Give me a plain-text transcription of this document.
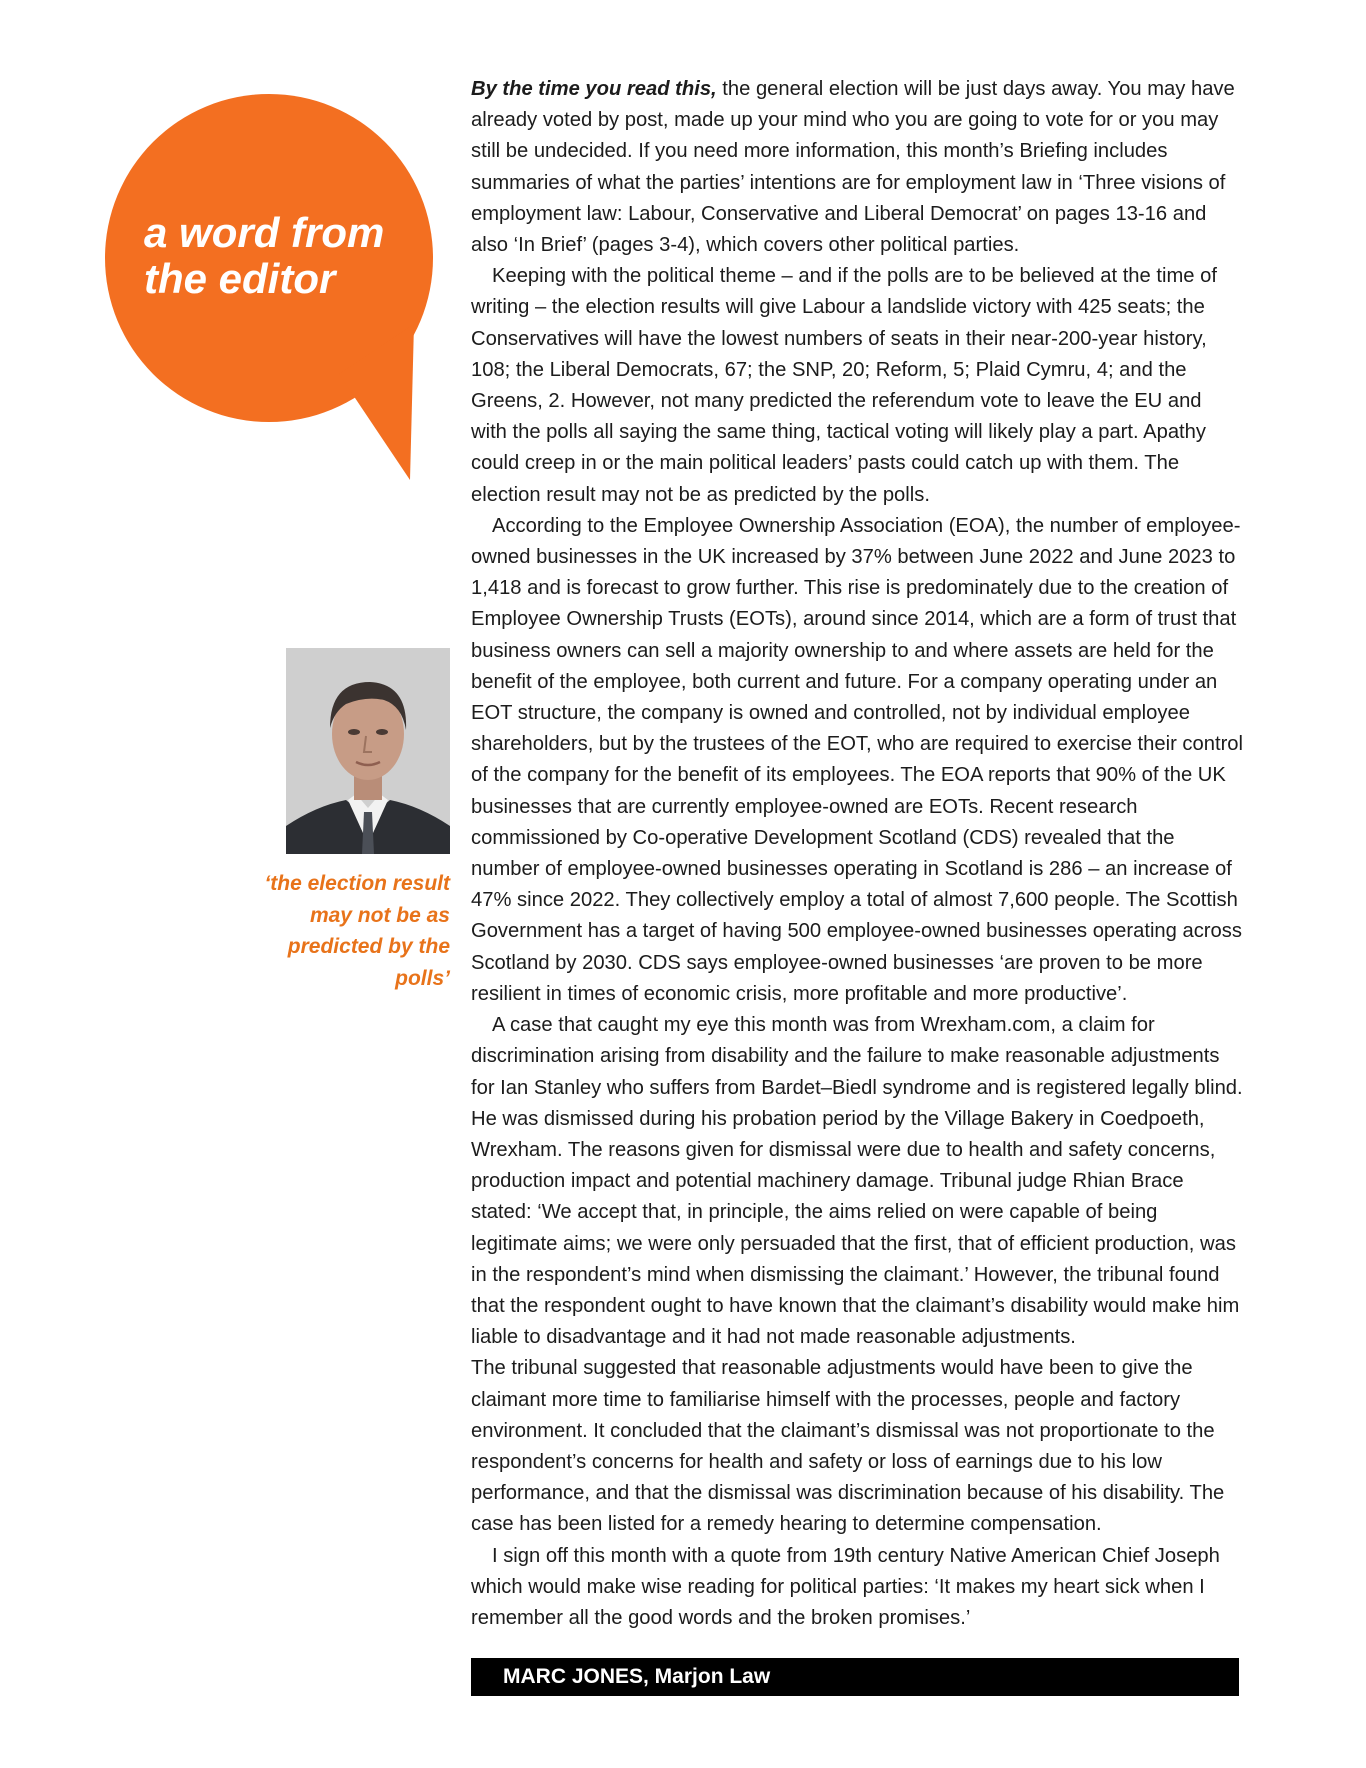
a word from
the editor
‘the election result may not be as predicted by the polls’

By the time you read this, the general election will be just days away. You may have already voted by post, made up your mind who you are going to vote for or you may still be undecided. If you need more information, this month’s Briefing includes summaries of what the parties’ intentions are for employment law in ‘Three visions of employment law: Labour, Conservative and Liberal Democrat’ on pages 13-16 and also ‘In Brief’ (pages 3-4), which covers other political parties.

Keeping with the political theme – and if the polls are to be believed at the time of writing – the election results will give Labour a landslide victory with 425 seats; the Conservatives will have the lowest numbers of seats in their near-200-year history, 108; the Liberal Democrats, 67; the SNP, 20; Reform, 5; Plaid Cymru, 4; and the Greens, 2. However, not many predicted the referendum vote to leave the EU and with the polls all saying the same thing, tactical voting will likely play a part. Apathy could creep in or the main political leaders’ pasts could catch up with them. The election result may not be as predicted by the polls.

According to the Employee Ownership Association (EOA), the number of employee-owned businesses in the UK increased by 37% between June 2022 and June 2023 to 1,418 and is forecast to grow further. This rise is predominately due to the creation of Employee Ownership Trusts (EOTs), around since 2014, which are a form of trust that business owners can sell a majority ownership to and where assets are held for the benefit of the employee, both current and future. For a company operating under an EOT structure, the company is owned and controlled, not by individual employee shareholders, but by the trustees of the EOT, who are required to exercise their control of the company for the benefit of its employees. The EOA reports that 90% of the UK businesses that are currently employee-owned are EOTs. Recent research commissioned by Co-operative Development Scotland (CDS) revealed that the number of employee-owned businesses operating in Scotland is 286 – an increase of 47% since 2022. They collectively employ a total of almost 7,600 people. The Scottish Government has a target of having 500 employee-owned businesses operating across Scotland by 2030. CDS says employee-owned businesses ‘are proven to be more resilient in times of economic crisis, more profitable and more productive’.

A case that caught my eye this month was from Wrexham.com, a claim for discrimination arising from disability and the failure to make reasonable adjustments for Ian Stanley who suffers from Bardet–Biedl syndrome and is registered legally blind. He was dismissed during his probation period by the Village Bakery in Coedpoeth, Wrexham. The reasons given for dismissal were due to health and safety concerns, production impact and potential machinery damage. Tribunal judge Rhian Brace stated: ‘We accept that, in principle, the aims relied on were capable of being legitimate aims; we were only persuaded that the first, that of efficient production, was in the respondent’s mind when dismissing the claimant.’ However, the tribunal found that the respondent ought to have known that the claimant’s disability would make him liable to disadvantage and it had not made reasonable adjustments.

The tribunal suggested that reasonable adjustments would have been to give the claimant more time to familiarise himself with the processes, people and factory environment. It concluded that the claimant’s dismissal was not proportionate to the respondent’s concerns for health and safety or loss of earnings due to his low performance, and that the dismissal was discrimination because of his disability. The case has been listed for a remedy hearing to determine compensation.

I sign off this month with a quote from 19th century Native American Chief Joseph which would make wise reading for political parties: ‘It makes my heart sick when I remember all the good words and the broken promises.’

MARC JONES, Marjon Law
